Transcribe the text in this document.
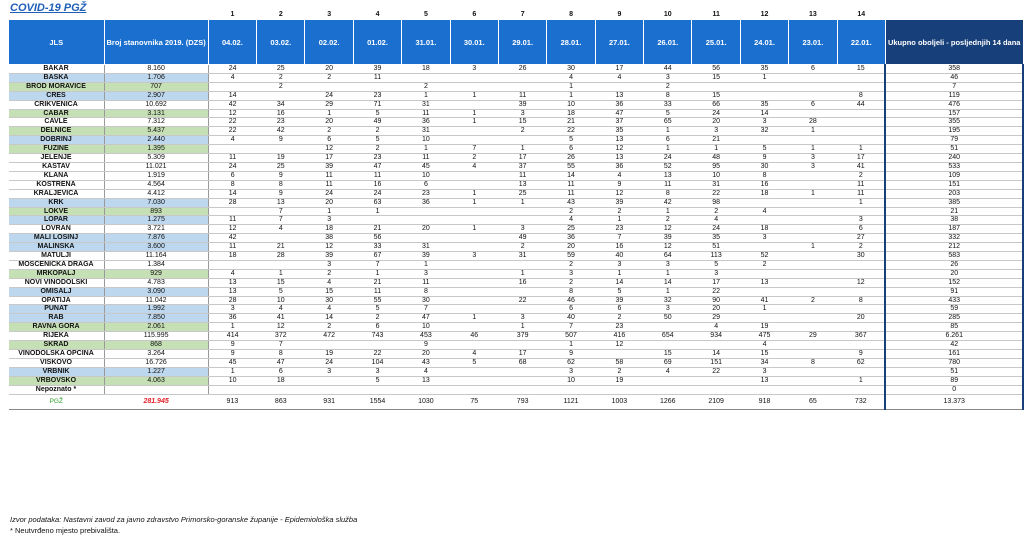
COVID-19 PGŽ
		1	2	3	4	5	6	7	8	9	10	11	12	13	14	
JLS	Broj stanovnika 2019. (DZS)	04.02.	03.02.	02.02.	01.02.	31.01.	30.01.	29.01.	28.01.	27.01.	26.01.	25.01.	24.01.	23.01.	22.01.	Ukupno oboljeli - posljednjih 14 dana
BAKAR	8.160	24	25	20	39	18	3	26	30	17	44	56	35	6	15	358
BAŠKA	1.706	4	2	2	11				4	4	3	15	1			46
BROD MORAVICE	707		2			2			1		2					7
CRES	2.907	14		24	23	1	1	11	1	13	8	15			8	119
CRIKVENICA	10.692	42	34	29	71	31		39	10	36	33	66	35	6	44	476
ČABAR	3.131	12	16	1	5	11	1	3	18	47	5	24	14			157
ČAVLE	7.312	22	23	20	49	36	1	15	21	37	65	20	3	28		355
DELNICE	5.437	22	42	2	2	31		2	22	35	1	3	32	1		195
DOBRINJ	2.440	4	9	6	5	10			5	13	6	21				79
FUŽINE	1.395			12	2	1	7	1	6	12	1	1	5	1	1	51
JELENJE	5.309	11	19	17	23	11	2	17	26	13	24	48	9	3	17	240
KASTAV	11.021	24	25	39	47	45	4	37	55	36	52	95	30	3	41	533
KLANA	1.919	6	9	11	11	10		11	14	4	13	10	8		2	109
KOSTRENA	4.564	8	8	11	16	6		13	11	9	11	31	16		11	151
KRALJEVICA	4.412	14	9	24	24	23	1	25	11	12	8	22	18	1	11	203
KRK	7.030	28	13	20	63	36	1	1	43	39	42	98			1	385
LOKVE	893		7	1	1				2	2	1	2	4			21
LOPAR	1.275	11	7	3					4	1	2	4			3	38
LOVRAN	3.721	12	4	18	21	20	1	3	25	23	12	24	18		6	187
MALI LOŠINJ	7.876	42		38	56			49	36	7	39	35	3		27	332
MALINSKA	3.600	11	21	12	33	31		2	20	16	12	51		1	2	212
MATULJI	11.164	18	28	39	67	39	3	31	59	40	64	113	52		30	583
MOŠĆENIČKA DRAGA	1.384			3	7	1			2	3	3	5	2			26
MRKOPALJ	929	4	1	2	1	3		1	3	1	1	3				20
NOVI VINODOLSKI	4.783	13	15	4	21	11		16	2	14	14	17	13		12	152
OMIŠALJ	3.090	13	5	15	11	8			8	5	1	22				91
OPATIJA	11.042	28	10	30	55	30		22	46	39	32	90	41	2	8	433
PUNAT	1.992	3	4	4	5	7			6	6	3	20	1			59
RAB	7.850	36	41	14	2	47	1	3	40	2	50	29			20	285
RAVNA GORA	2.061	1	12	2	6	10		1	7	23		4	19			85
RIJEKA	115.995	414	372	472	743	453	46	379	507	416	654	934	475	29	367	6.261
SKRAD	868	9	7			9			1	12			4			42
VINODOLSKA OPĆINA	3.264	9	8	19	22	20	4	17	9		15	14	15		9	161
VIŠKOVO	16.726	45	47	24	104	43	5	68	62	58	69	151	34	8	62	780
VRBNIK	1.227	1	6	3	3	4			3	2	4	22	3			51
VRBOVSKO	4.063	10	18		5	13			10	19			13		1	89
Nepoznato *																0
PGŽ	281.945	913	863	931	1554	1030	75	793	1121	1003	1266	2109	918	65	732	13.373
Izvor podataka: Nastavni zavod za javno zdravstvo Primorsko-goranske županije - Epidemiološka služba
* Neutvrđeno mjesto prebivališta.
